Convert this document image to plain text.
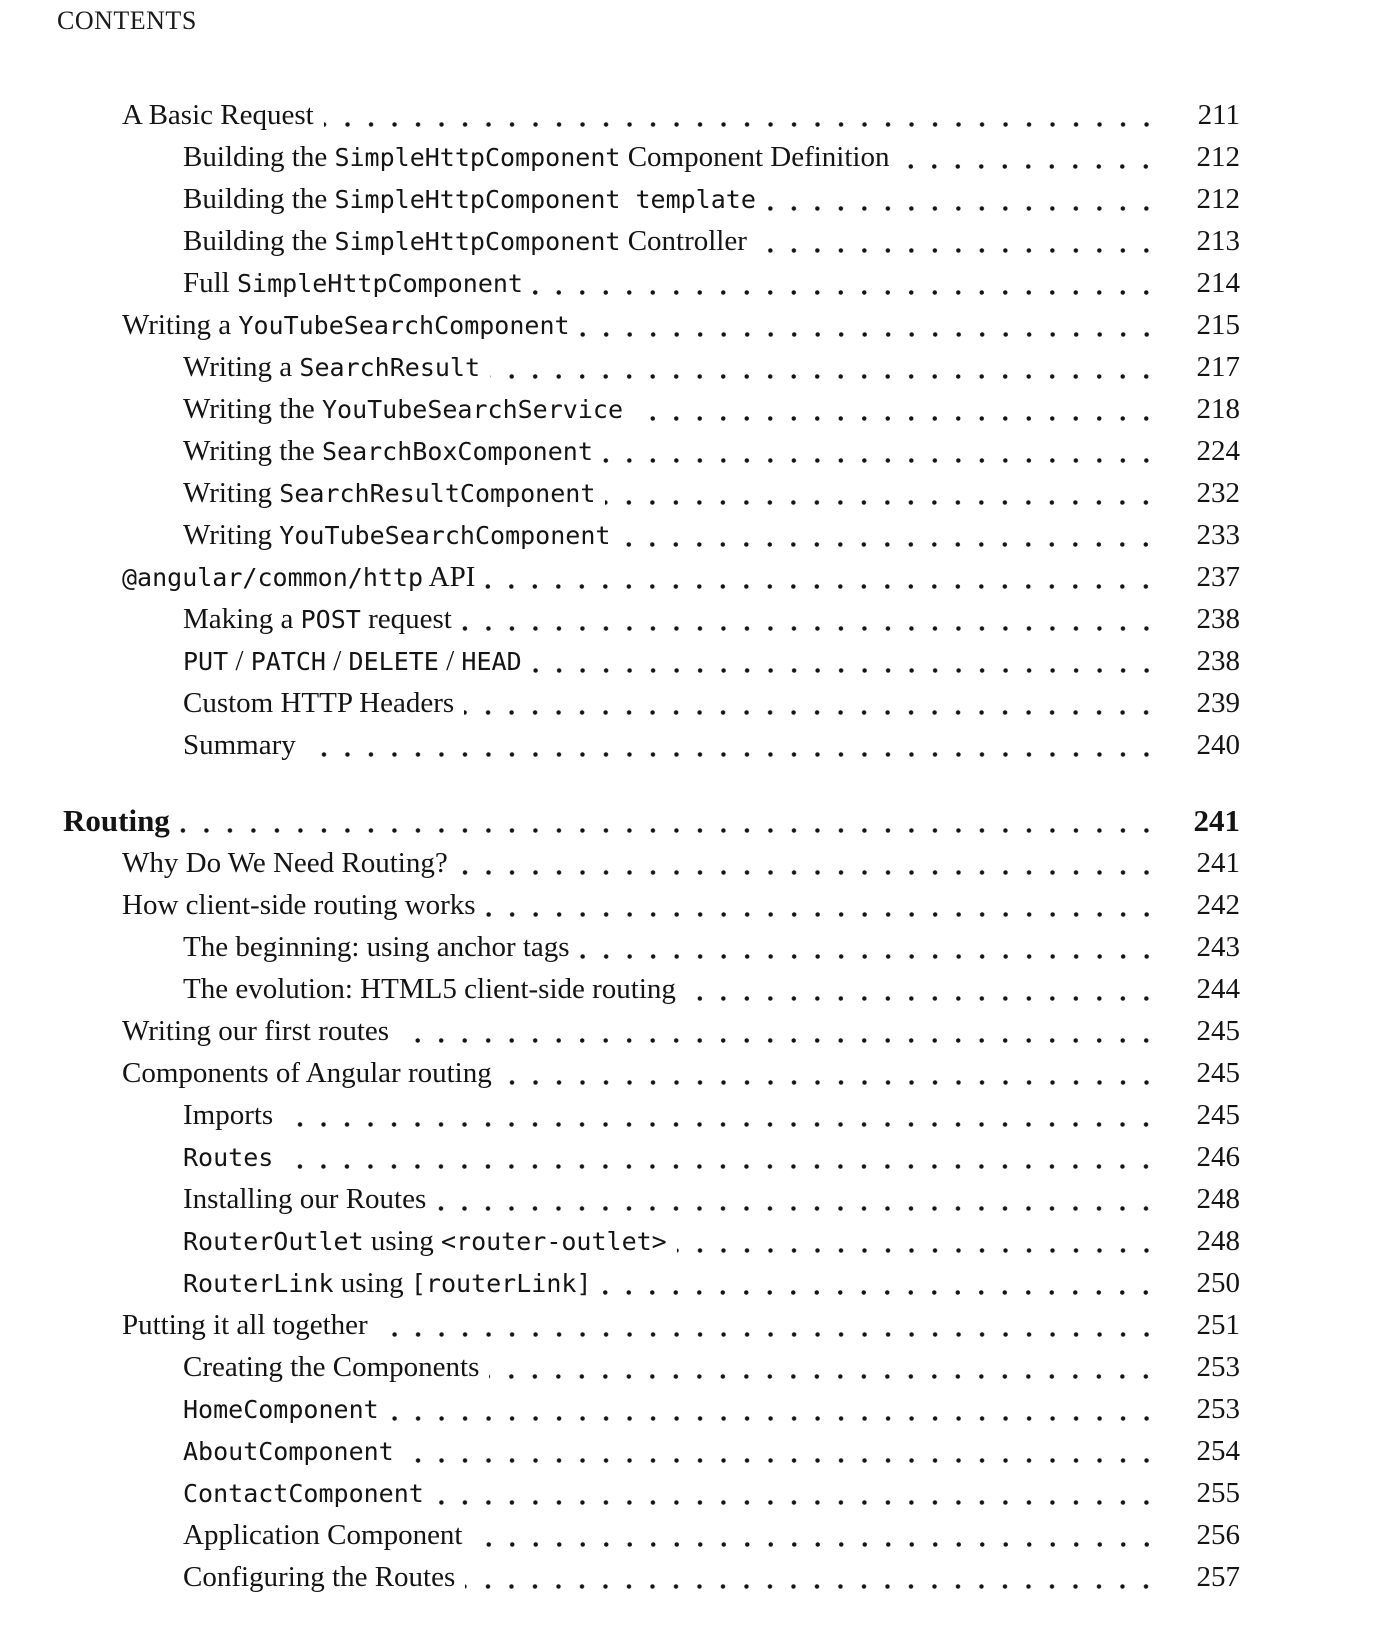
CONTENTS
A Basic Request	211
Building the SimpleHttpComponent Component Definition	212
Building the SimpleHttpComponent template	212
Building the SimpleHttpComponent Controller	213
Full SimpleHttpComponent	214
Writing a YouTubeSearchComponent	215
Writing a SearchResult	217
Writing the YouTubeSearchService	218
Writing the SearchBoxComponent	224
Writing SearchResultComponent	232
Writing YouTubeSearchComponent	233
@angular/common/http API	237
Making a POST request	238
PUT / PATCH / DELETE / HEAD	238
Custom HTTP Headers	239
Summary	240
Routing	241
Why Do We Need Routing?	241
How client-side routing works	242
The beginning: using anchor tags	243
The evolution: HTML5 client-side routing	244
Writing our first routes	245
Components of Angular routing	245
Imports	245
Routes	246
Installing our Routes	248
RouterOutlet using <router-outlet>	248
RouterLink using [routerLink]	250
Putting it all together	251
Creating the Components	253
HomeComponent	253
AboutComponent	254
ContactComponent	255
Application Component	256
Configuring the Routes	257
